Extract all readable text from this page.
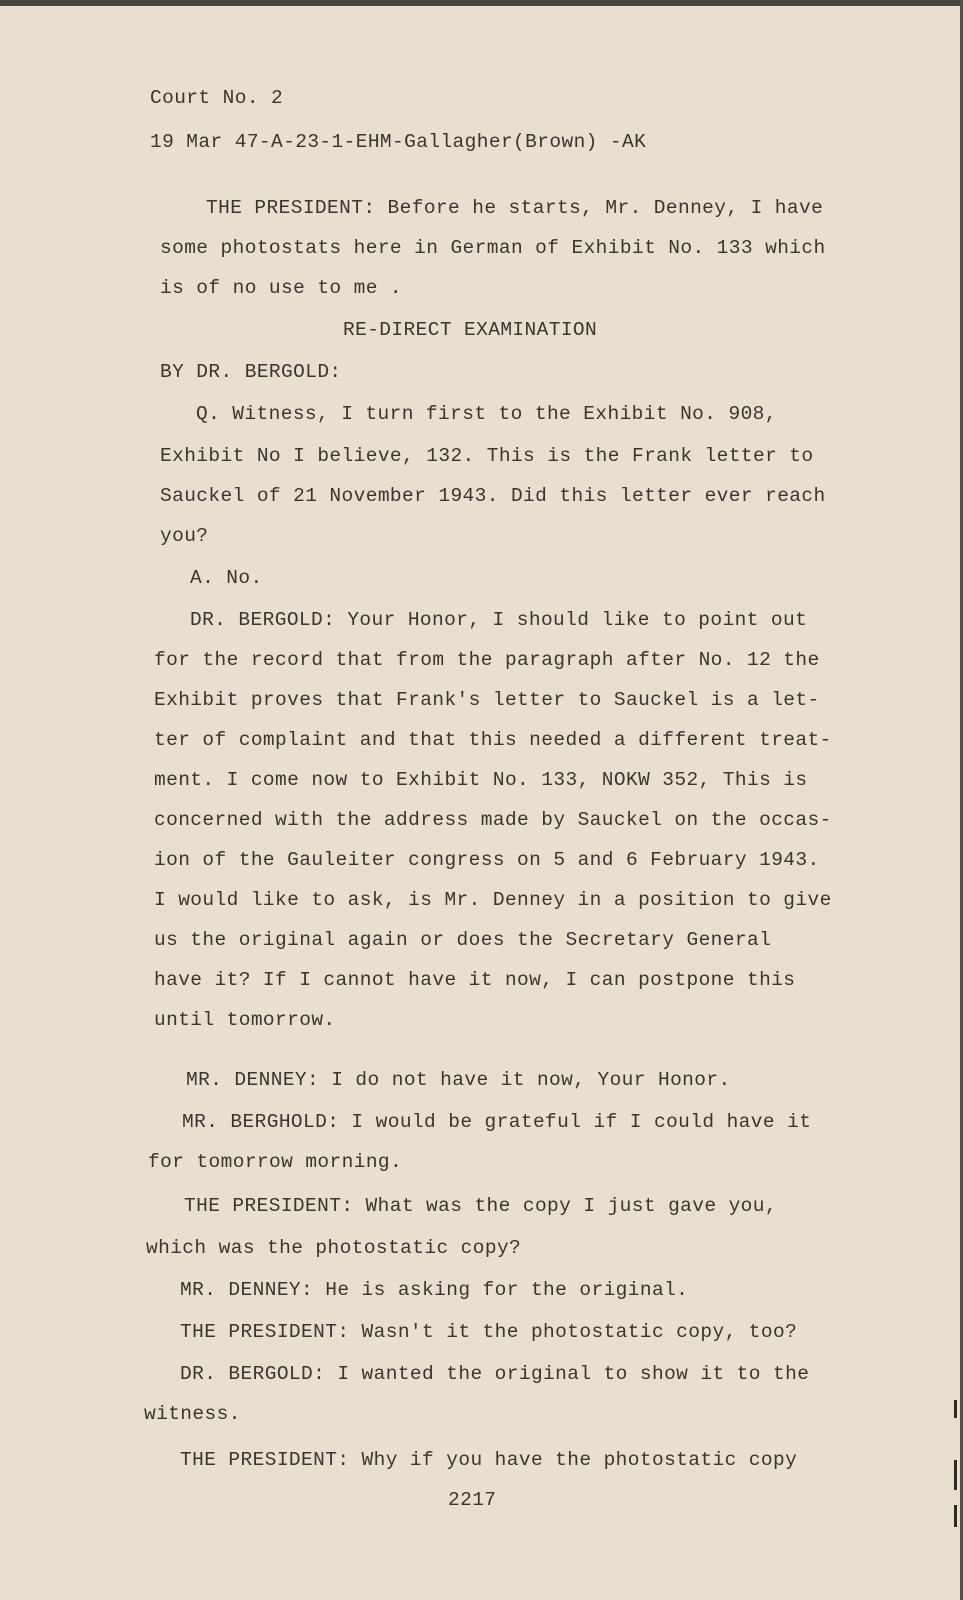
Court No. 2
19 Mar 47-A-23-1-EHM-Gallagher(Brown) -AK
THE PRESIDENT: Before he starts, Mr. Denney, I have
some photostats here in German of Exhibit No. 133 which
is of no use to me .
RE-DIRECT EXAMINATION
BY DR. BERGOLD:
Q. Witness, I turn first to the Exhibit No. 908,
Exhibit No I believe, 132. This is the Frank letter to
Sauckel of 21 November 1943. Did this letter ever reach
you?
A. No.
DR. BERGOLD: Your Honor, I should like to point out
for the record that from the paragraph after No. 12 the
Exhibit proves that Frank's letter to Sauckel is a let-
ter of complaint and that this needed a different treat-
ment. I come now to Exhibit No. 133, NOKW 352, This is
concerned with the address made by Sauckel on the occas-
ion of the Gauleiter congress on 5 and 6 February 1943.
I would like to ask, is Mr. Denney in a position to give
us the original again or does the Secretary General
have it? If I cannot have it now, I can postpone this
until tomorrow.
MR. DENNEY: I do not have it now, Your Honor.
MR. BERGHOLD: I would be grateful if I could have it
for tomorrow morning.
THE PRESIDENT: What was the copy I just gave you,
which was the photostatic copy?
MR. DENNEY: He is asking for the original.
THE PRESIDENT: Wasn't it the photostatic copy, too?
DR. BERGOLD: I wanted the original to show it to the
witness.
THE PRESIDENT: Why if you have the photostatic copy
2217
